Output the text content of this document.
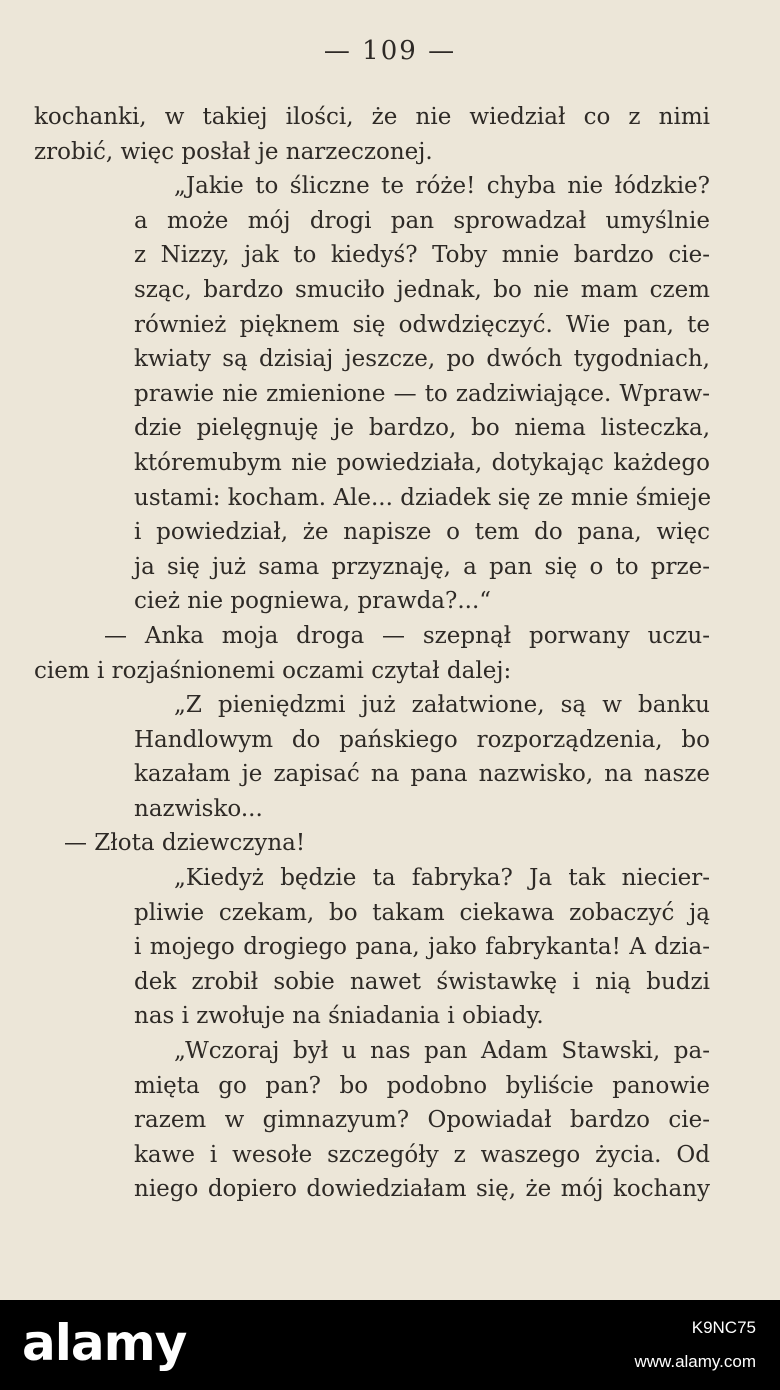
— 109 —
kochanki, w takiej ilości, że nie wiedział co z nimi
zrobić, więc posłał je narzeczonej.
„Jakie to śliczne te róże! chyba nie łódzkie?
a może mój drogi pan sprowadzał umyślnie
z Nizzy, jak to kiedyś? Toby mnie bardzo cie-
sząc, bardzo smuciło jednak, bo nie mam czem
również pięknem się odwdzięczyć. Wie pan, te
kwiaty są dzisiaj jeszcze, po dwóch tygodniach,
prawie nie zmienione — to zadziwiające. Wpraw-
dzie pielęgnuję je bardzo, bo niema listeczka,
któremubym nie powiedziała, dotykając każdego
ustami: kocham. Ale... dziadek się ze mnie śmieje
i powiedział, że napisze o tem do pana, więc
ja się już sama przyznaję, a pan się o to prze-
cież nie pogniewa, prawda?...“
— Anka moja droga — szepnął porwany uczu-
ciem i rozjaśnionemi oczami czytał dalej:
„Z pieniędzmi już załatwione, są w banku
Handlowym do pańskiego rozporządzenia, bo
kazałam je zapisać na pana nazwisko, na nasze
nazwisko...
— Złota dziewczyna!
„Kiedyż będzie ta fabryka? Ja tak niecier-
pliwie czekam, bo takam ciekawa zobaczyć ją
i mojego drogiego pana, jako fabrykanta! A dzia-
dek zrobił sobie nawet świstawkę i nią budzi
nas i zwołuje na śniadania i obiady.
„Wczoraj był u nas pan Adam Stawski, pa-
mięta go pan? bo podobno byliście panowie
razem w gimnazyum? Opowiadał bardzo cie-
kawe i wesołe szczegóły z waszego życia. Od
niego dopiero dowiedziałam się, że mój kochany
alamy	K9NC75
www.alamy.com
